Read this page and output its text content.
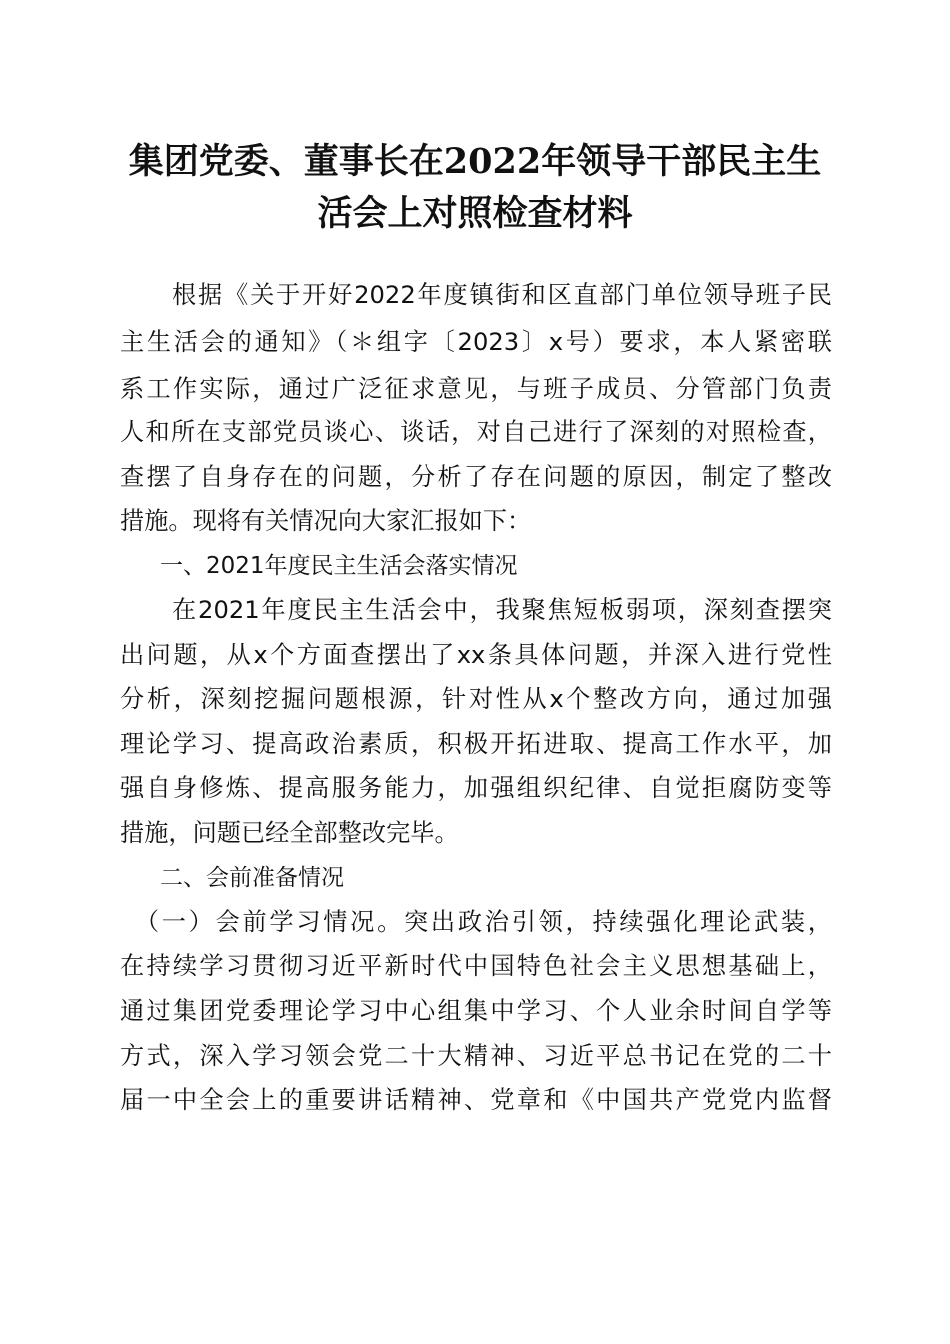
集团党委、董事长在2022年领导干部民主生
活会上对照检查材料
　　根据《关于开好2022年度镇街和区直部门单位领导班子民
主生活会的通知》（＊组字〔2023〕x号）要求，本人紧密联
系工作实际，通过广泛征求意见，与班子成员、分管部门负责
人和所在支部党员谈心、谈话，对自己进行了深刻的对照检查，
查摆了自身存在的问题，分析了存在问题的原因，制定了整改
措施。现将有关情况向大家汇报如下：
一、2021年度民主生活会落实情况
　　在2021年度民主生活会中，我聚焦短板弱项，深刻查摆突
出问题，从x个方面查摆出了xx条具体问题，并深入进行党性
分析，深刻挖掘问题根源，针对性从x个整改方向，通过加强
理论学习、提高政治素质，积极开拓进取、提高工作水平，加
强自身修炼、提高服务能力，加强组织纪律、自觉拒腐防变等
措施，问题已经全部整改完毕。
二、会前准备情况
　（一）会前学习情况。突出政治引领，持续强化理论武装，
在持续学习贯彻习近平新时代中国特色社会主义思想基础上，
通过集团党委理论学习中心组集中学习、个人业余时间自学等
方式，深入学习领会党二十大精神、习近平总书记在党的二十
届一中全会上的重要讲话精神、党章和《中国共产党党内监督
